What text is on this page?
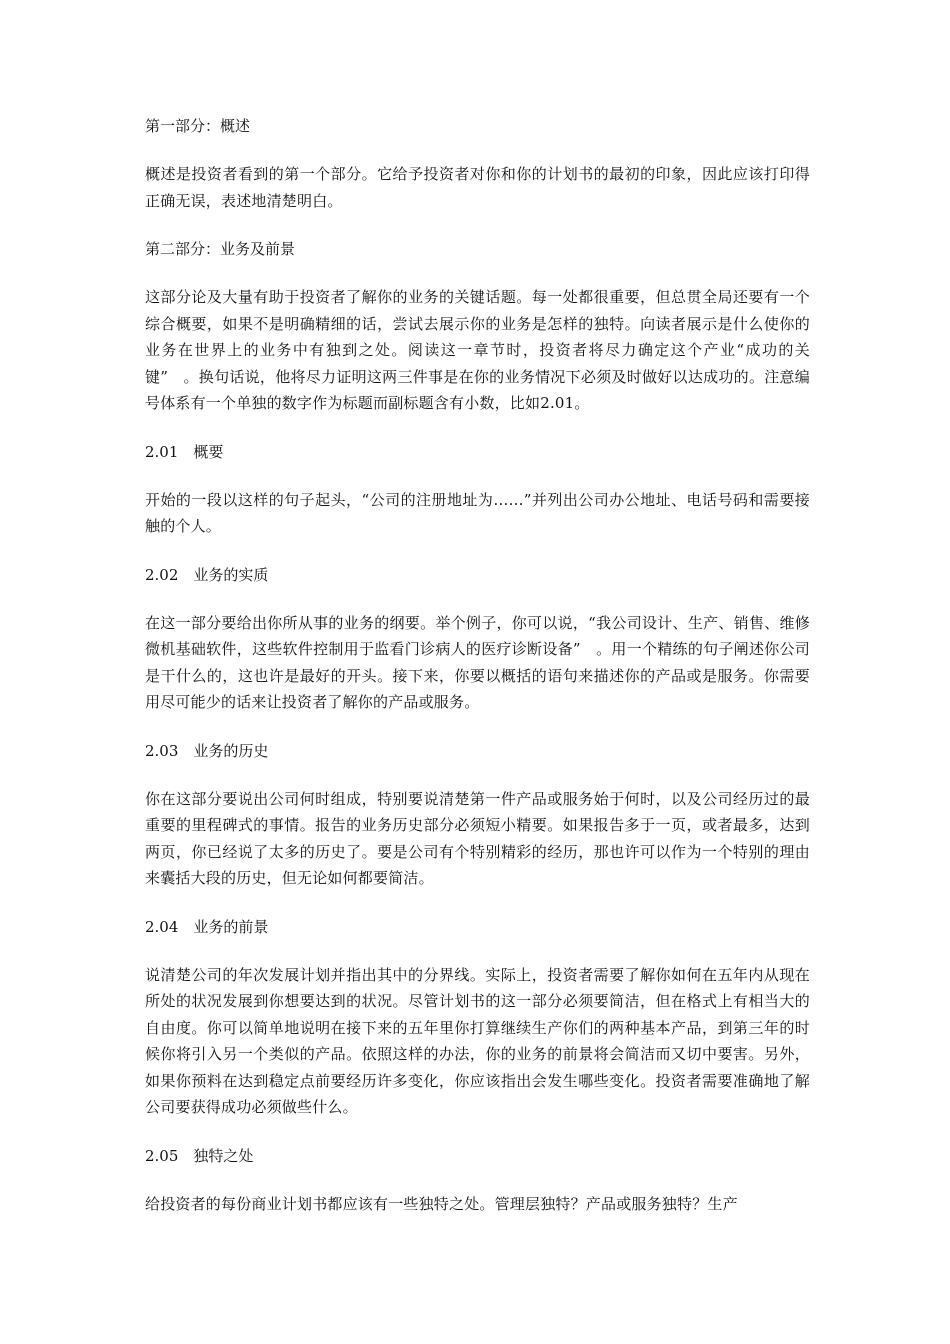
第一部分：概述
概述是投资者看到的第一个部分。它给予投资者对你和你的计划书的最初的印象，因此应该打印得正确无误，表述地清楚明白。
第二部分：业务及前景
这部分论及大量有助于投资者了解你的业务的关键话题。每一处都很重要，但总贯全局还要有一个综合概要，如果不是明确精细的话，尝试去展示你的业务是怎样的独特。向读者展示是什么使你的业务在世界上的业务中有独到之处。阅读这一章节时，投资者将尽力确定这个产业“成功的关键”　。换句话说，他将尽力证明这两三件事是在你的业务情况下必须及时做好以达成功的。注意编号体系有一个单独的数字作为标题而副标题含有小数，比如2.01。
2.01　概要
开始的一段以这样的句子起头，“公司的注册地址为……”并列出公司办公地址、电话号码和需要接触的个人。
2.02　业务的实质
在这一部分要给出你所从事的业务的纲要。举个例子，你可以说，“我公司设计、生产、销售、维修微机基础软件，这些软件控制用于监看门诊病人的医疗诊断设备”　。用一个精练的句子阐述你公司是干什么的，这也许是最好的开头。接下来，你要以概括的语句来描述你的产品或是服务。你需要用尽可能少的话来让投资者了解你的产品或服务。
2.03　业务的历史
你在这部分要说出公司何时组成，特别要说清楚第一件产品或服务始于何时，以及公司经历过的最重要的里程碑式的事情。报告的业务历史部分必须短小精要。如果报告多于一页，或者最多，达到两页，你已经说了太多的历史了。要是公司有个特别精彩的经历，那也许可以作为一个特别的理由来囊括大段的历史，但无论如何都要简洁。
2.04　业务的前景
说清楚公司的年次发展计划并指出其中的分界线。实际上，投资者需要了解你如何在五年内从现在所处的状况发展到你想要达到的状况。尽管计划书的这一部分必须要简洁，但在格式上有相当大的自由度。你可以简单地说明在接下来的五年里你打算继续生产你们的两种基本产品，到第三年的时候你将引入另一个类似的产品。依照这样的办法，你的业务的前景将会简洁而又切中要害。另外，如果你预料在达到稳定点前要经历许多变化，你应该指出会发生哪些变化。投资者需要准确地了解公司要获得成功必须做些什么。
2.05　独特之处
给投资者的每份商业计划书都应该有一些独特之处。管理层独特？产品或服务独特？生产
